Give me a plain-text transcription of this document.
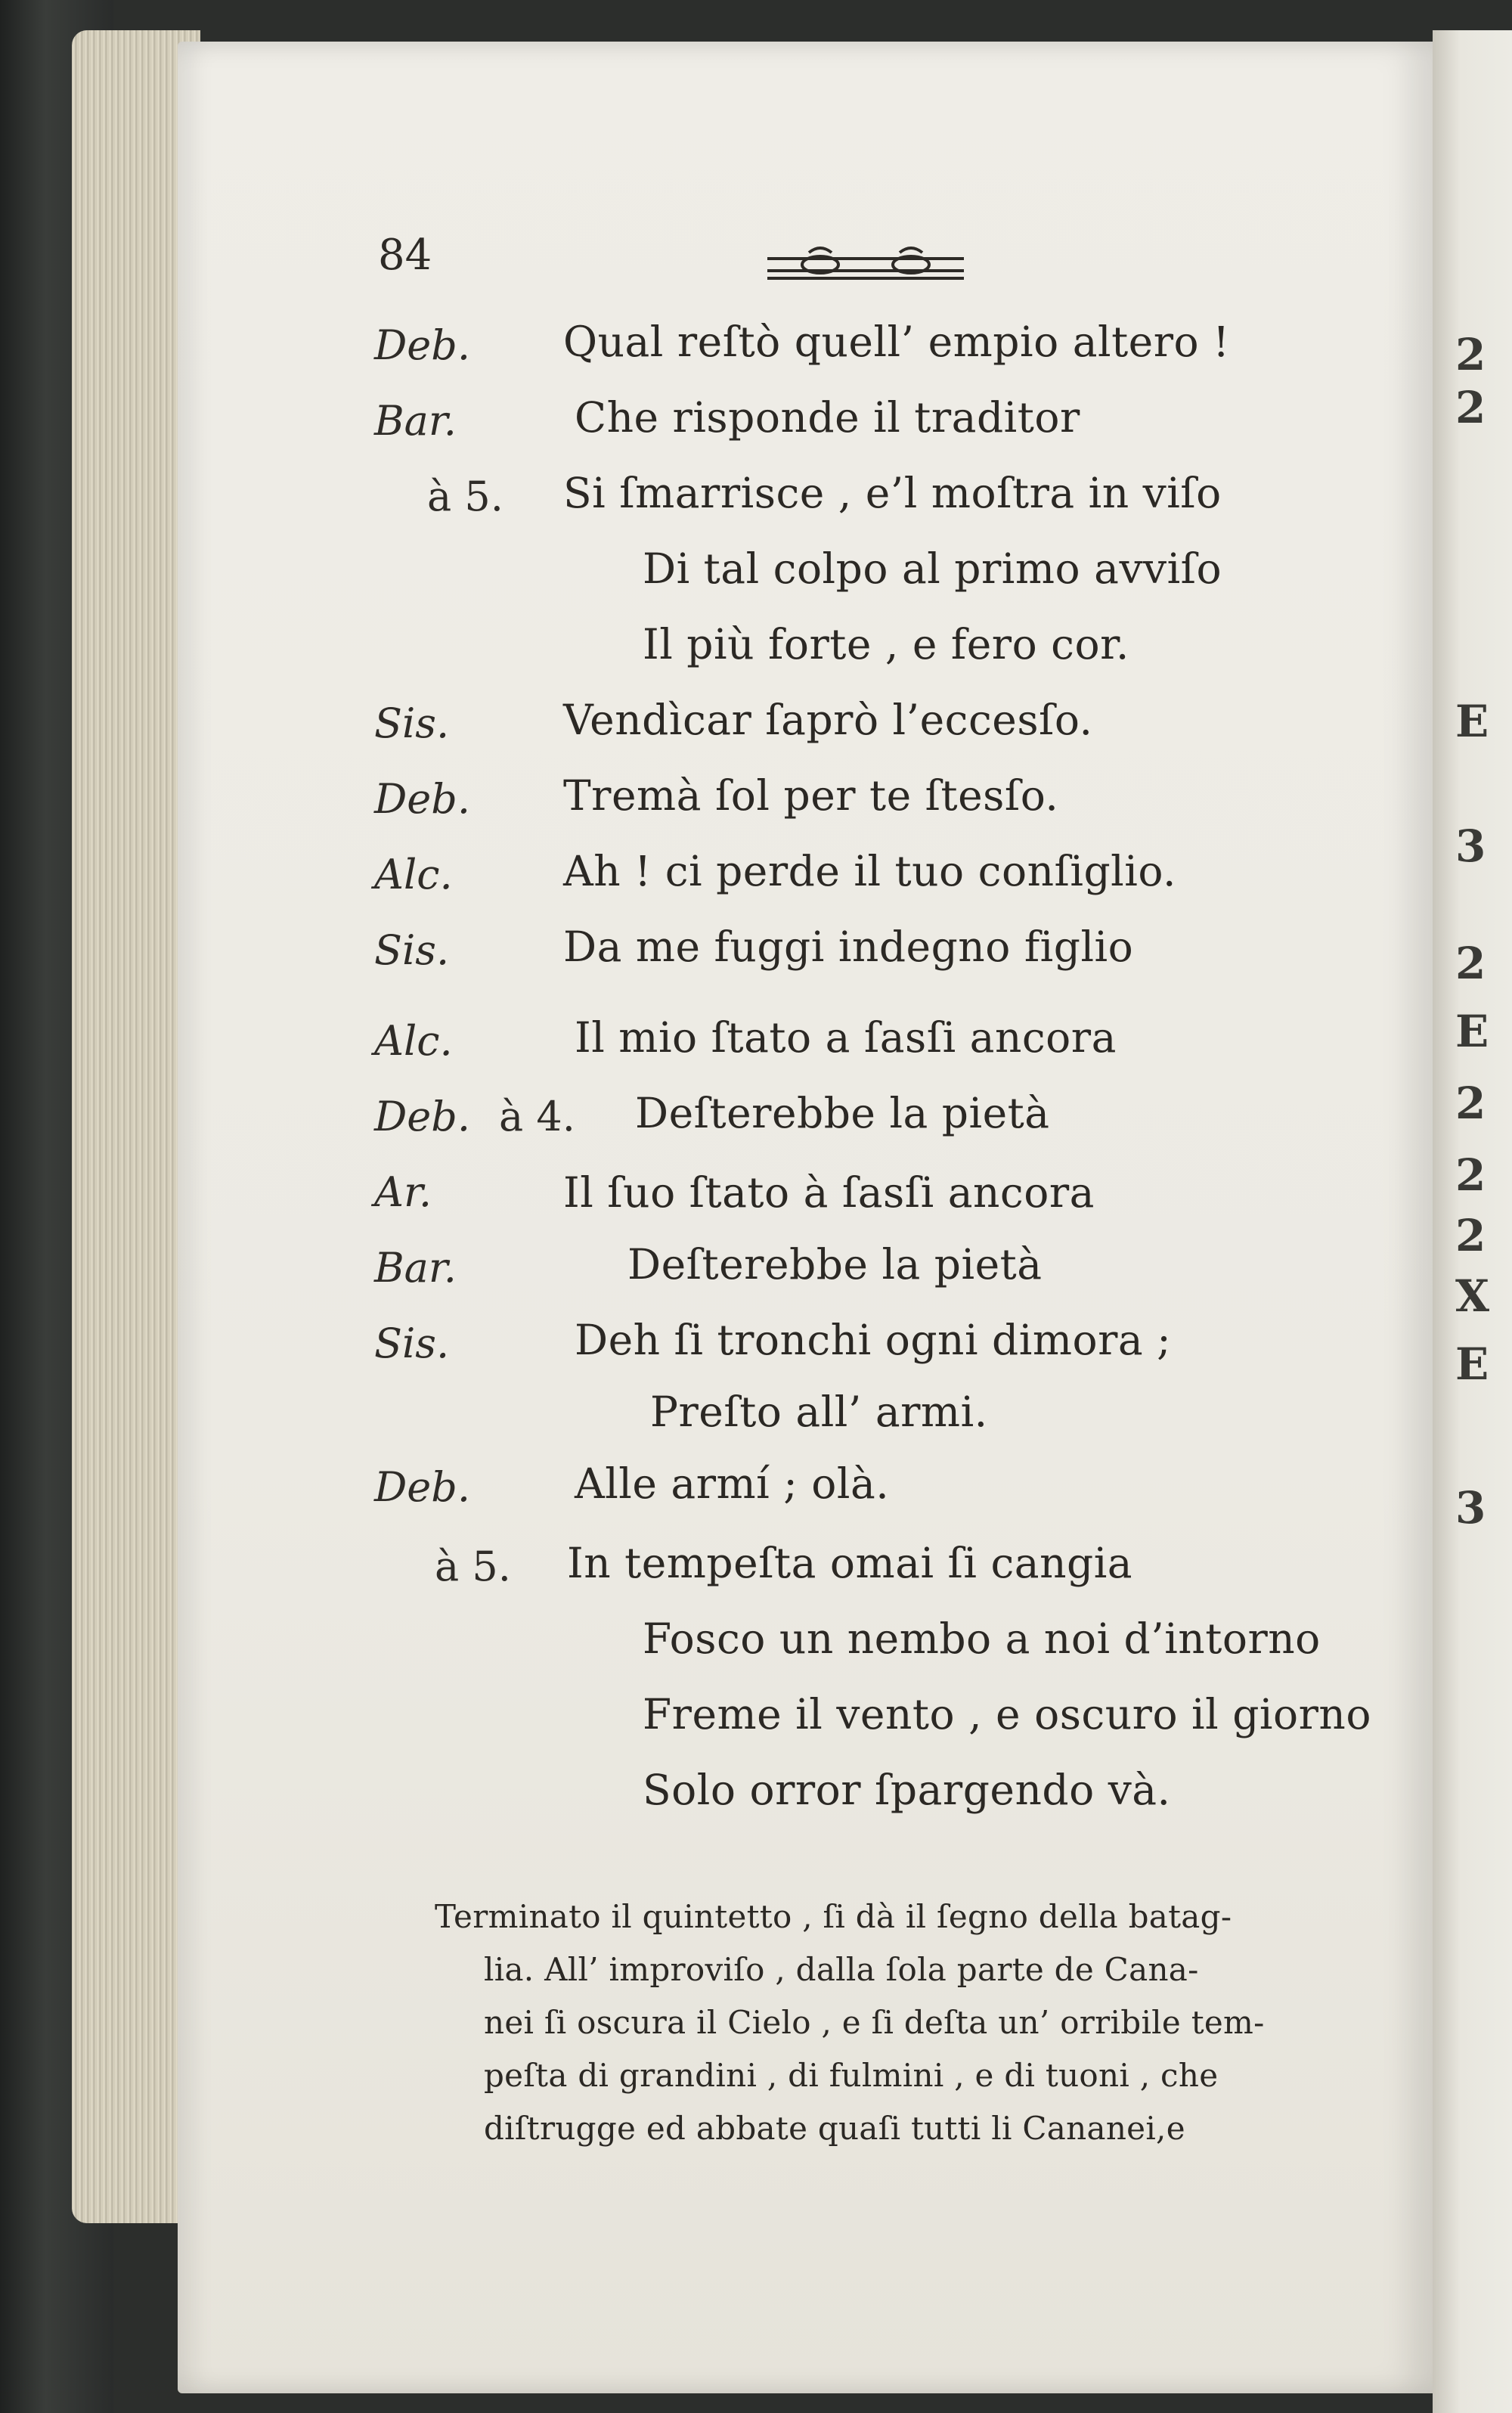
2
2
E
3
2
E
2
2
2
X
E
3
84
Deb. Qual reſtò quell’ empio altero !
Bar.	Che risponde il traditor
à 5. Si ſmarrisce , e’l moſtra in viſo
Di tal colpo al primo avviſo
Il più forte , e fero cor.
Sis.	Vendìcar ſaprò l’eccesſo.
Deb. Tremà ſol per te ſtesſo.
Alc.	Ah ! ci perde il tuo conſiglio.
Sis.	Da me fuggi indegno figlio
Alc.	Il mio ſtato a ſasſi ancora
Deb. à 4. Deſterebbe la pietà
Ar.	Il ſuo ſtato à ſasſi ancora
Bar.	Deſterebbe la pietà
Sis.	Deh ſi tronchi ogni dimora ;
Preſto all’ armi.
Deb.	Alle armí ; olà.
à 5. In tempeſta omai ſi cangia
Fosco un nembo a noi d’intorno
Freme il vento , e oscuro il giorno
Solo orror ſpargendo và.
Terminato il quintetto , ſi dà il ſegno della batag-
lia. All’ improviſo , dalla ſola parte de Cana-
nei ſi oscura il Cielo , e ſi deſta un’ orribile tem-
peſta di grandini , di fulmini , e di tuoni , che
diſtrugge ed abbate quaſi tutti li Cananei,e
